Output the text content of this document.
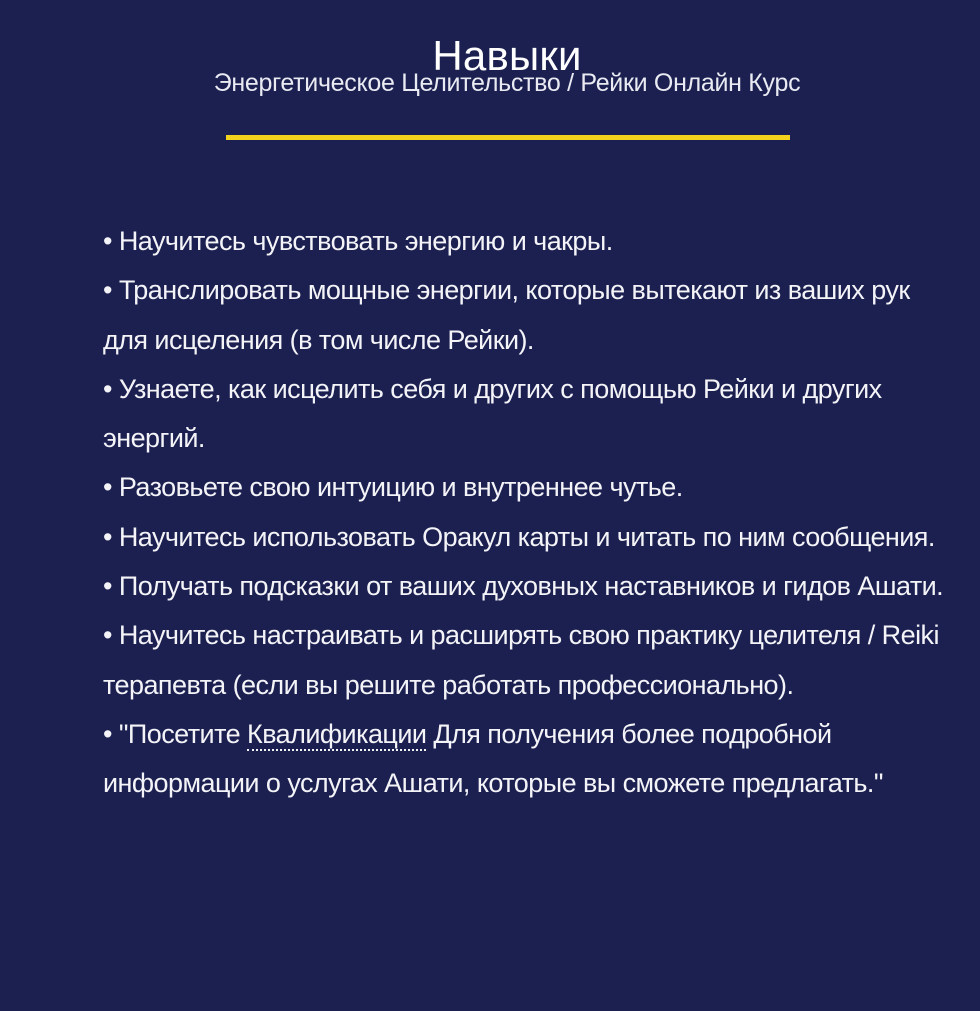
Навыки
Энергетическое Целительство / Рейки Онлайн Курс
• Научитесь чувствовать энергию и чакры.
• Транслировать мощные энергии, которые вытекают из ваших рук для исцеления (в том числе Рейки).
• Узнаете, как исцелить себя и других с помощью Рейки и других энергий.
• Разовьете свою интуицию и внутреннее чутье.
• Научитесь использовать Оракул карты и читать по ним сообщения.
• Получать подсказки от ваших духовных наставников и гидов Ашати.
• Научитесь настраивать и расширять свою практику целителя / Reiki терапевта (если вы решите работать профессионально).
• "Посетите Квалификации Для получения более подробной информации о услугах Ашати, которые вы сможете предлагать."
